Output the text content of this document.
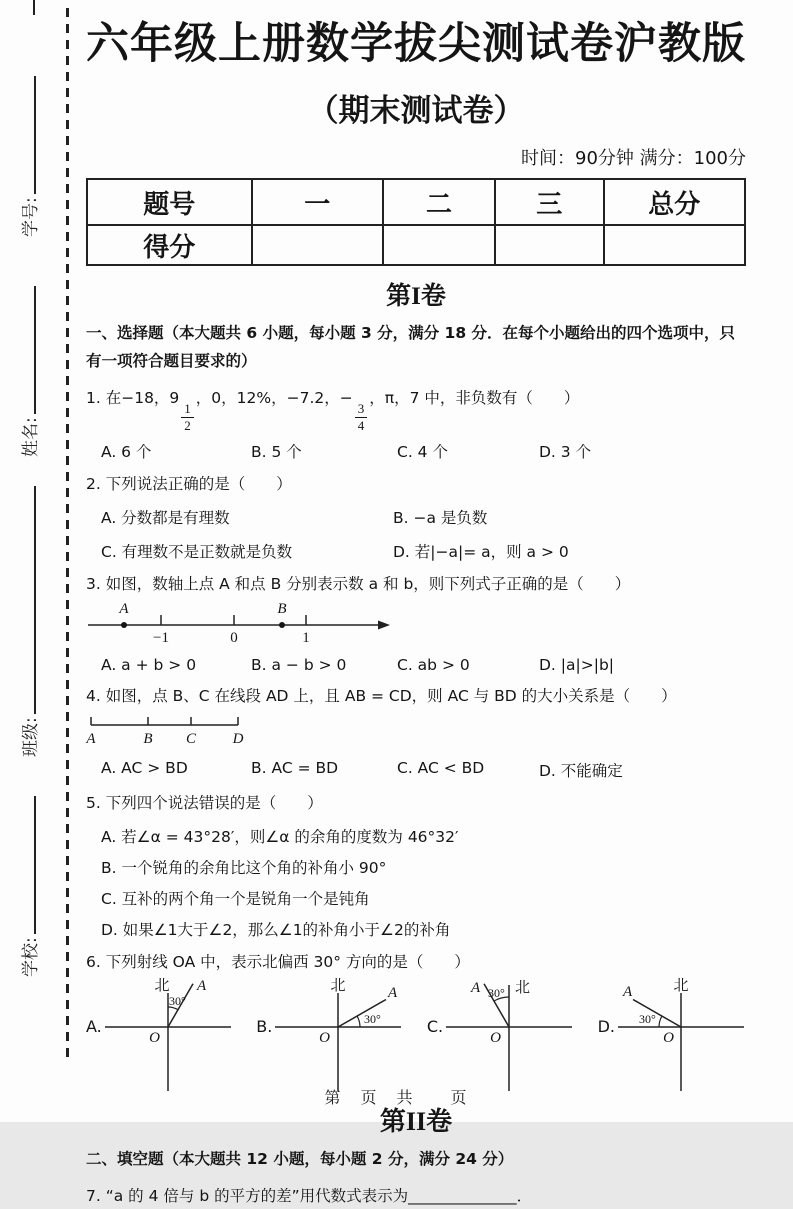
学号:
姓名:
班级:
学校:
六年级上册数学拔尖测试卷沪教版
（期末测试卷）
时间：90分钟 满分：100分
题号	一	二	三	总分
得分				
第I卷
一、选择题（本大题共 6 小题，每小题 3 分，满分 18 分．在每个小题给出的四个选项中，只有一项符合题目要求的）
1. 在−18，9
$\frac{1}{2}$
，0，12%，−7.2，−
$\frac{3}{4}$
，π，7 中，非负数有（　　）
A. 6 个	B. 5 个	C. 4 个	D. 3 个
2. 下列说法正确的是（　　）
A. 分数都是有理数	B. −a 是负数
C. 有理数不是正数就是负数	D. 若|−a|= a，则 a > 0
3. 如图，数轴上点 A 和点 B 分别表示数 a 和 b，则下列式子正确的是（　　）
A	B
−1	0	1
A. a + b > 0	B. a − b > 0	C. ab > 0	D. |a|>|b|
4. 如图，点 B、C 在线段 AD 上，且 AB = CD，则 AC 与 BD 的大小关系是（　　）
A	B C D
A. AC > BD	B. AC = BD	C. AC < BD	D. 不能确定
5. 下列四个说法错误的是（　　）
A. 若∠α = 43°28′，则∠α 的余角的度数为 46°32′
B. 一个锐角的余角比这个角的补角小 90°
C. 互补的两个角一个是锐角一个是钝角
D. 如果∠1大于∠2，那么∠1的补角小于∠2的补角
6. 下列射线 OA 中，表示北偏西 30° 方向的是（　　）
A.
北 A
30°
O
B.
北	A
30°
O
C.
北
A 30°
O
D.
北
A
30°
O
第II卷
二、填空题（本大题共 12 小题，每小题 2 分，满分 24 分）
7. “a 的 4 倍与 b 的平方的差”用代数式表示为______________．
第　页　共　　页
